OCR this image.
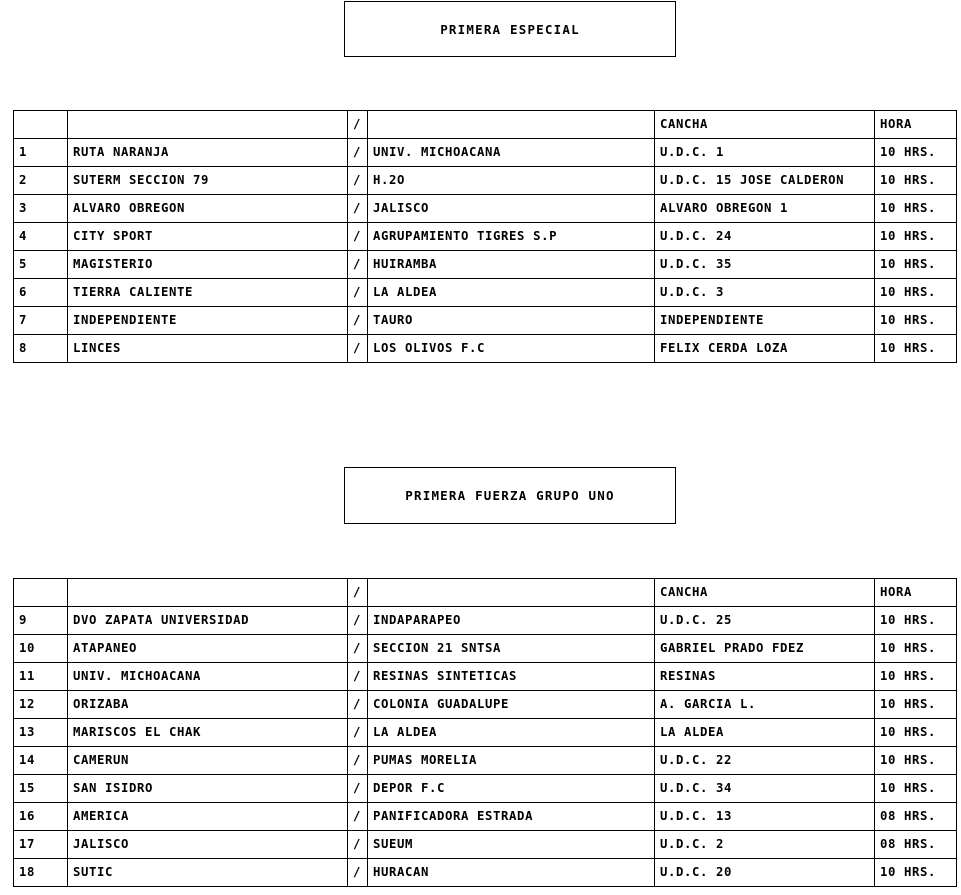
PRIMERA ESPECIAL
		/		CANCHA	HORA
1	RUTA NARANJA	/	UNIV. MICHOACANA	U.D.C. 1	10 HRS.
2	SUTERM SECCION 79	/	H.2O	U.D.C. 15 JOSE CALDERON	10 HRS.
3	ALVARO OBREGON	/	JALISCO	ALVARO OBREGON 1	10 HRS.
4	CITY SPORT	/	AGRUPAMIENTO TIGRES S.P	U.D.C. 24	10 HRS.
5	MAGISTERIO	/	HUIRAMBA	U.D.C. 35	10 HRS.
6	TIERRA CALIENTE	/	LA ALDEA	U.D.C. 3	10 HRS.
7	INDEPENDIENTE	/	TAURO	INDEPENDIENTE	10 HRS.
8	LINCES	/	LOS OLIVOS F.C	FELIX CERDA LOZA	10 HRS.
PRIMERA FUERZA GRUPO UNO
		/		CANCHA	HORA
9	DVO ZAPATA UNIVERSIDAD	/	INDAPARAPEO	U.D.C. 25	10 HRS.
10	ATAPANEO	/	SECCION 21 SNTSA	GABRIEL PRADO FDEZ	10 HRS.
11	UNIV. MICHOACANA	/	RESINAS SINTETICAS	RESINAS	10 HRS.
12	ORIZABA	/	COLONIA GUADALUPE	A. GARCIA L.	10 HRS.
13	MARISCOS EL CHAK	/	LA ALDEA	LA ALDEA	10 HRS.
14	CAMERUN	/	PUMAS MORELIA	U.D.C. 22	10 HRS.
15	SAN ISIDRO	/	DEPOR F.C	U.D.C. 34	10 HRS.
16	AMERICA	/	PANIFICADORA ESTRADA	U.D.C. 13	08 HRS.
17	JALISCO	/	SUEUM	U.D.C. 2	08 HRS.
18	SUTIC	/	HURACAN	U.D.C. 20	10 HRS.
